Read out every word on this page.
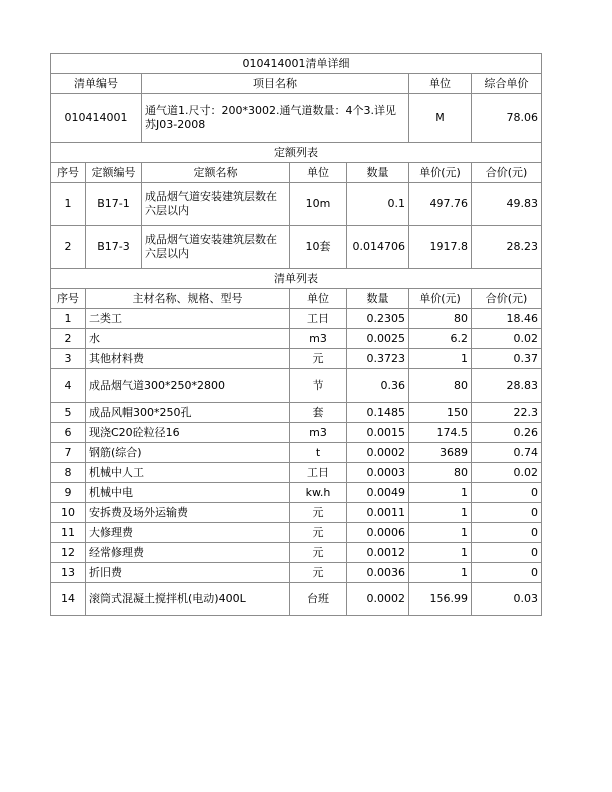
010414001清单详细						
清单编号		项目名称			单位	综合单价
010414001		通气道1.尺寸：200*3002.通气道数量：4个3.详见苏J03-2008			M	78.06
定额列表						
序号	定额编号	定额名称	单位	数量	单价(元)	合价(元)
1	B17-1	成品烟气道安装建筑层数在六层以内	10m	0.1	497.76	49.83
2	B17-3	成品烟气道安装建筑层数在六层以内	10套	0.014706	1917.8	28.23
清单列表						
序号	主材名称、规格、型号		单位	数量	单价(元)	合价(元)
1	二类工		工日	0.2305	80	18.46
2	水		m3	0.0025	6.2	0.02
3	其他材料费		元	0.3723	1	0.37
4	成品烟气道300*250*2800		节	0.36	80	28.83
5	成品风帽300*250孔		套	0.1485	150	22.3
6	现浇C20砼粒径16		m3	0.0015	174.5	0.26
7	钢筋(综合)		t	0.0002	3689	0.74
8	机械中人工		工日	0.0003	80	0.02
9	机械中电		kw.h	0.0049	1	0
10	安拆费及场外运输费		元	0.0011	1	0
11	大修理费		元	0.0006	1	0
12	经常修理费		元	0.0012	1	0
13	折旧费		元	0.0036	1	0
14	滚筒式混凝土搅拌机(电动)400L		台班	0.0002	156.99	0.03
